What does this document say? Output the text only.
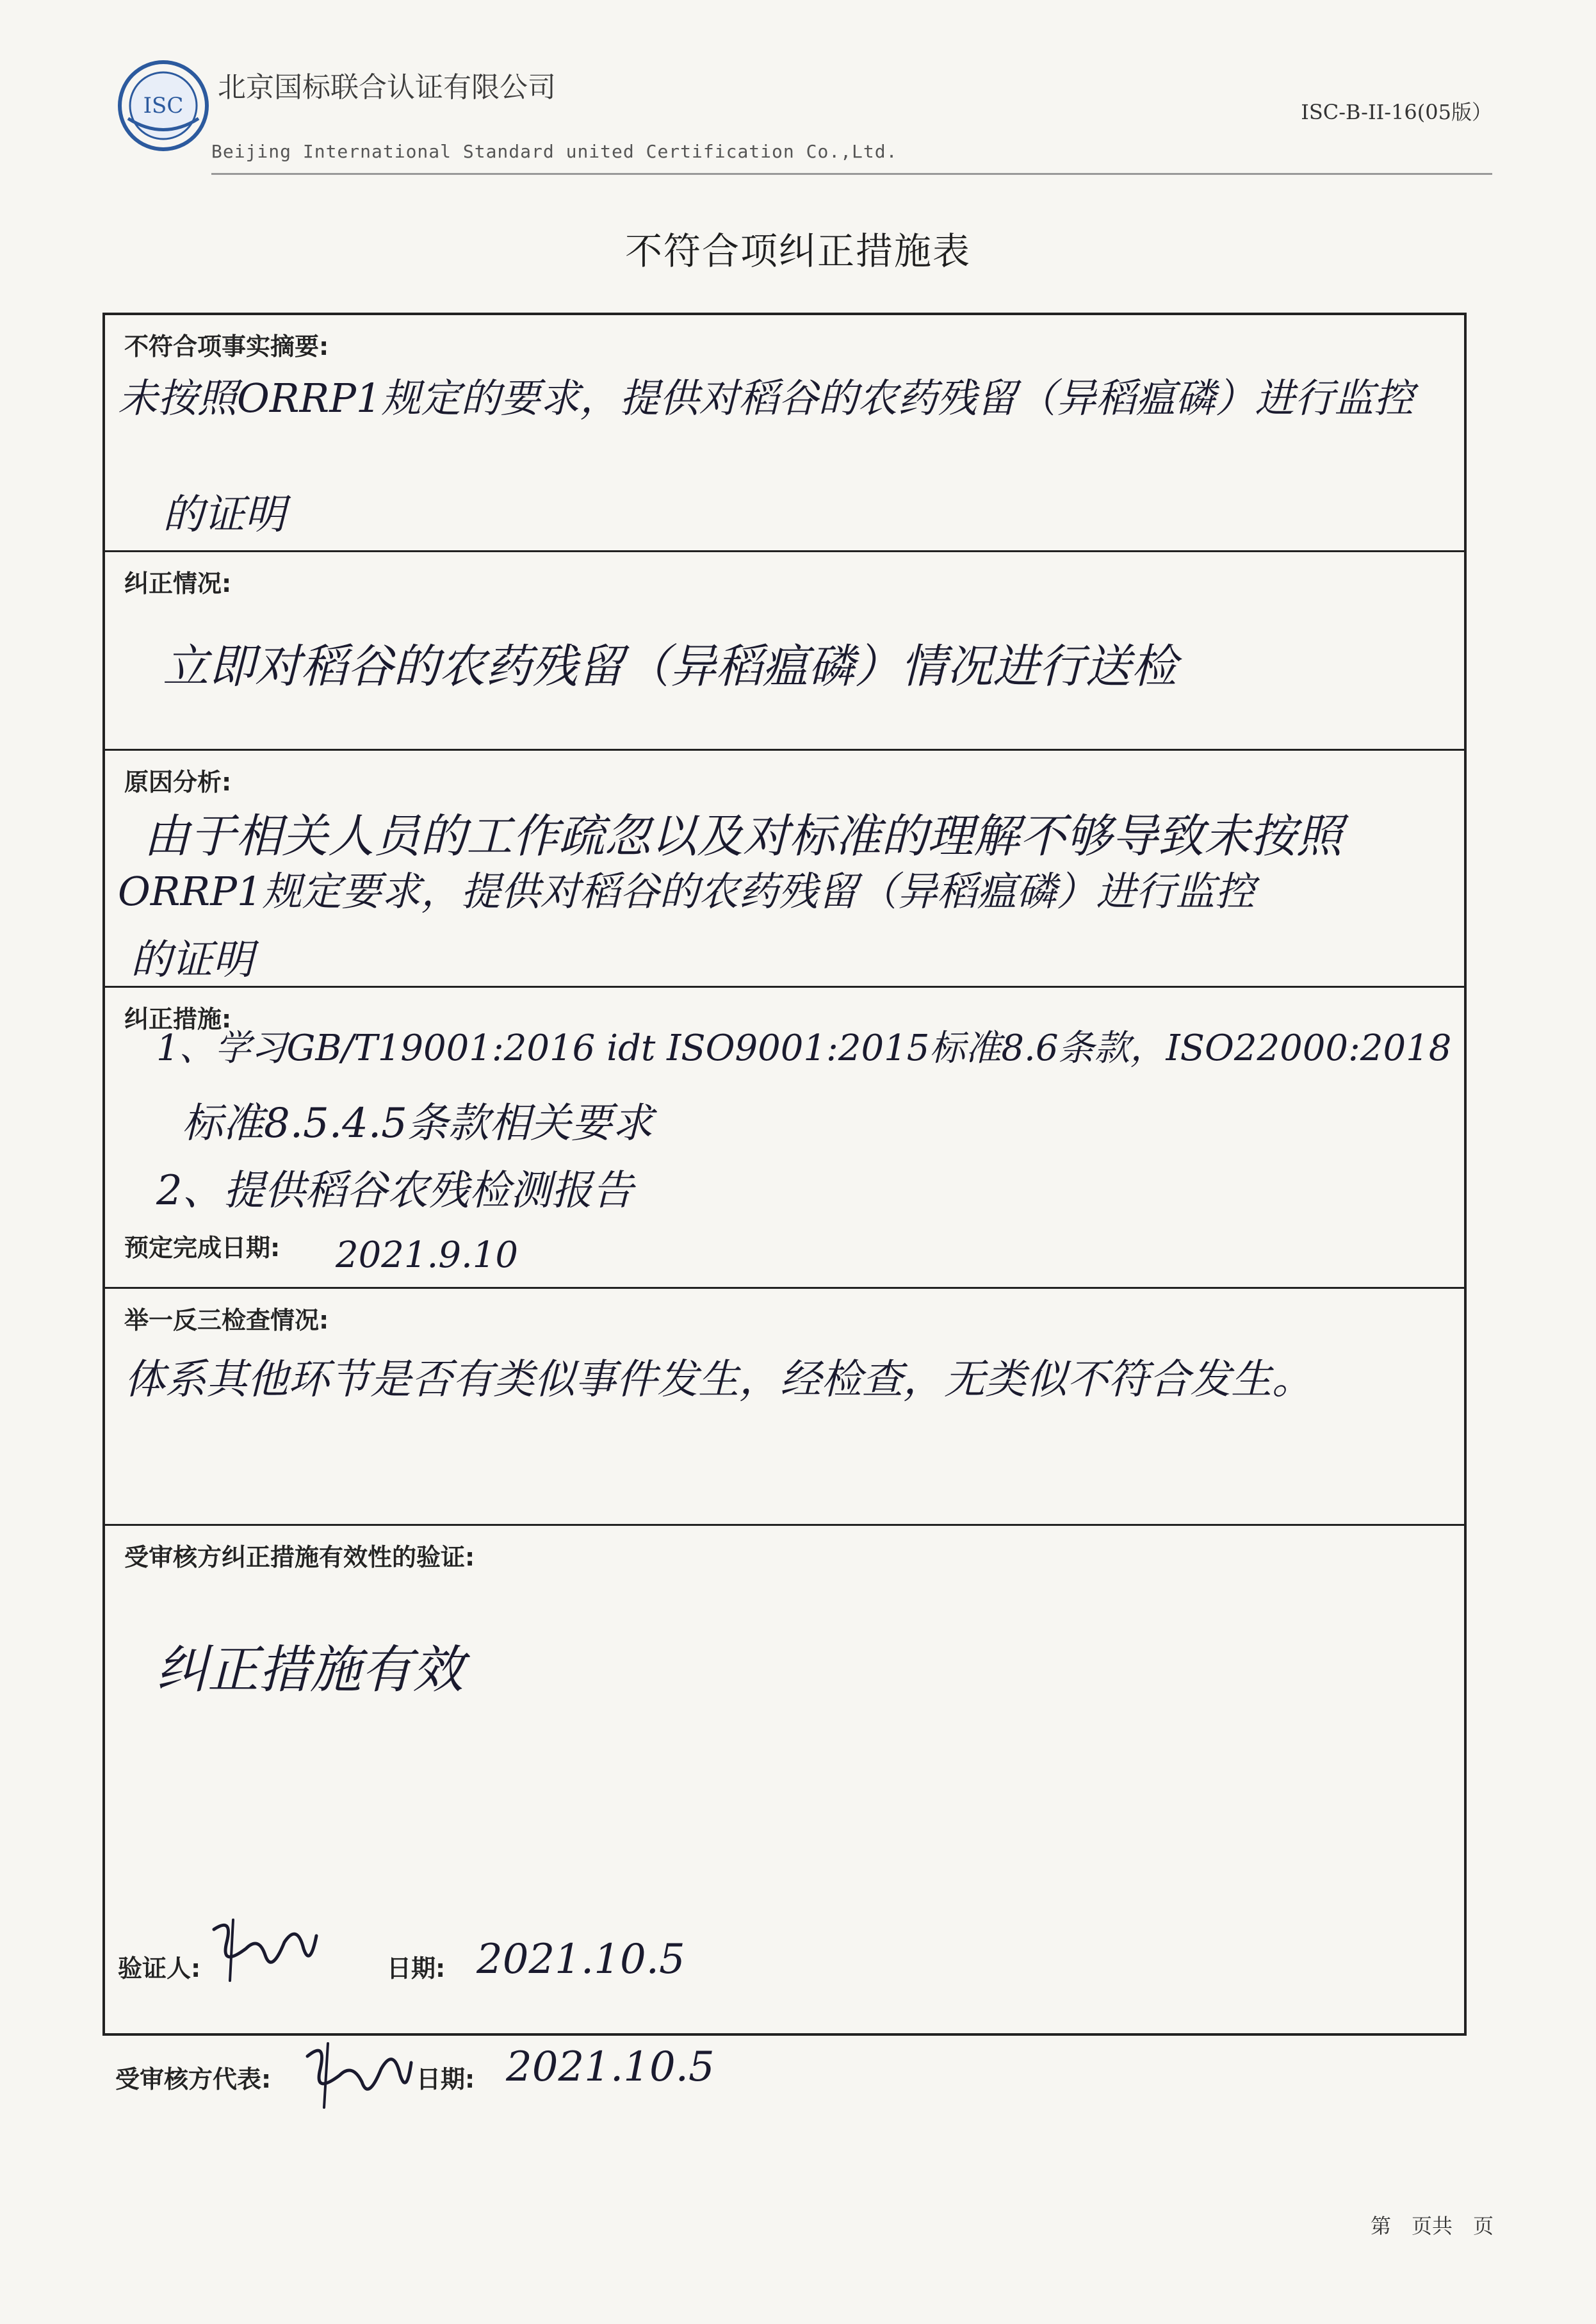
ISC
北京国标联合认证有限公司
Beijing International Standard united Certification Co.,Ltd.
ISC-B-II-16(05版）
不符合项纠正措施表
不符合项事实摘要:
未按照ORRP1规定的要求，提供对稻谷的农药残留（异稻瘟磷）进行监控
的证明
纠正情况:
立即对稻谷的农药残留（异稻瘟磷）情况进行送检
原因分析:
由于相关人员的工作疏忽以及对标准的理解不够导致未按照
ORRP1规定要求，提供对稻谷的农药残留（异稻瘟磷）进行监控
的证明
纠正措施:
1、学习GB/T19001:2016 idt ISO9001:2015标准8.6条款，ISO22000:2018
标准8.5.4.5条款相关要求
2、提供稻谷农残检测报告
预定完成日期: 2021.9.10
举一反三检查情况:
体系其他环节是否有类似事件发生，经检查，无类似不符合发生。
受审核方纠正措施有效性的验证:
纠正措施有效
验证人:	日期: 2021.10.5
受审核方代表:	日期: 2021.10.5
第　页共　页
